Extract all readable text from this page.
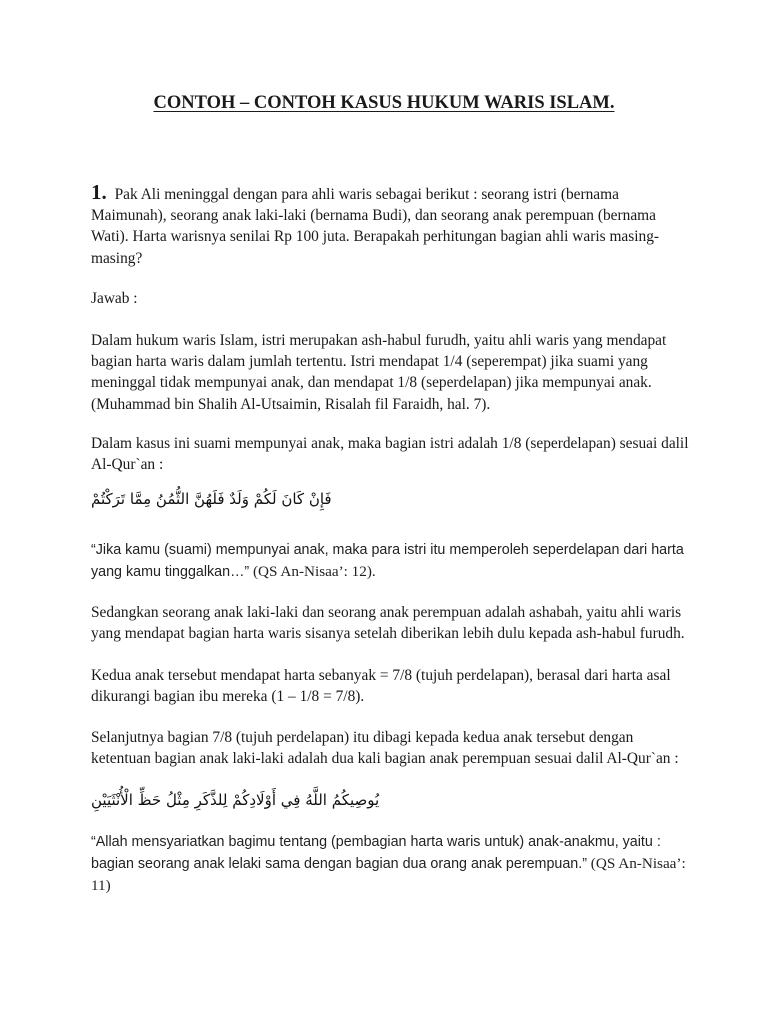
CONTOH – CONTOH KASUS HUKUM WARIS ISLAM.

1. Pak Ali meninggal dengan para ahli waris sebagai berikut : seorang istri (bernama Maimunah), seorang anak laki-laki (bernama Budi), dan seorang anak perempuan (bernama Wati). Harta warisnya senilai Rp 100 juta. Berapakah perhitungan bagian ahli waris masing-masing?

Jawab :

Dalam hukum waris Islam, istri merupakan ash-habul furudh, yaitu ahli waris yang mendapat bagian harta waris dalam jumlah tertentu. Istri mendapat 1/4 (seperempat) jika suami yang meninggal tidak mempunyai anak, dan mendapat 1/8 (seperdelapan) jika mempunyai anak. (Muhammad bin Shalih Al-Utsaimin, Risalah fil Faraidh, hal. 7).

Dalam kasus ini suami mempunyai anak, maka bagian istri adalah 1/8 (seperdelapan) sesuai dalil Al-Qur`an :

فَإِنْ كَانَ لَكُمْ وَلَدٌ فَلَهُنَّ الثُّمُنُ مِمَّا تَرَكْتُمْ

“Jika kamu (suami) mempunyai anak, maka para istri itu memperoleh seperdelapan dari harta yang kamu tinggalkan…” (QS An-Nisaa’: 12).

Sedangkan seorang anak laki-laki dan seorang anak perempuan adalah ashabah, yaitu ahli waris yang mendapat bagian harta waris sisanya setelah diberikan lebih dulu kepada ash-habul furudh.

Kedua anak tersebut mendapat harta sebanyak = 7/8 (tujuh perdelapan), berasal dari harta asal dikurangi bagian ibu mereka (1 – 1/8 = 7/8).

Selanjutnya bagian 7/8 (tujuh perdelapan) itu dibagi kepada kedua anak tersebut dengan ketentuan bagian anak laki-laki adalah dua kali bagian anak perempuan sesuai dalil Al-Qur`an :

يُوصِيكُمُ اللَّهُ فِي أَوْلَادِكُمْ لِلذَّكَرِ مِثْلُ حَظِّ الْأُنْثَيَيْنِ

“Allah mensyariatkan bagimu tentang (pembagian harta waris untuk) anak-anakmu, yaitu : bagian seorang anak lelaki sama dengan bagian dua orang anak perempuan.” (QS An-Nisaa’: 11)
